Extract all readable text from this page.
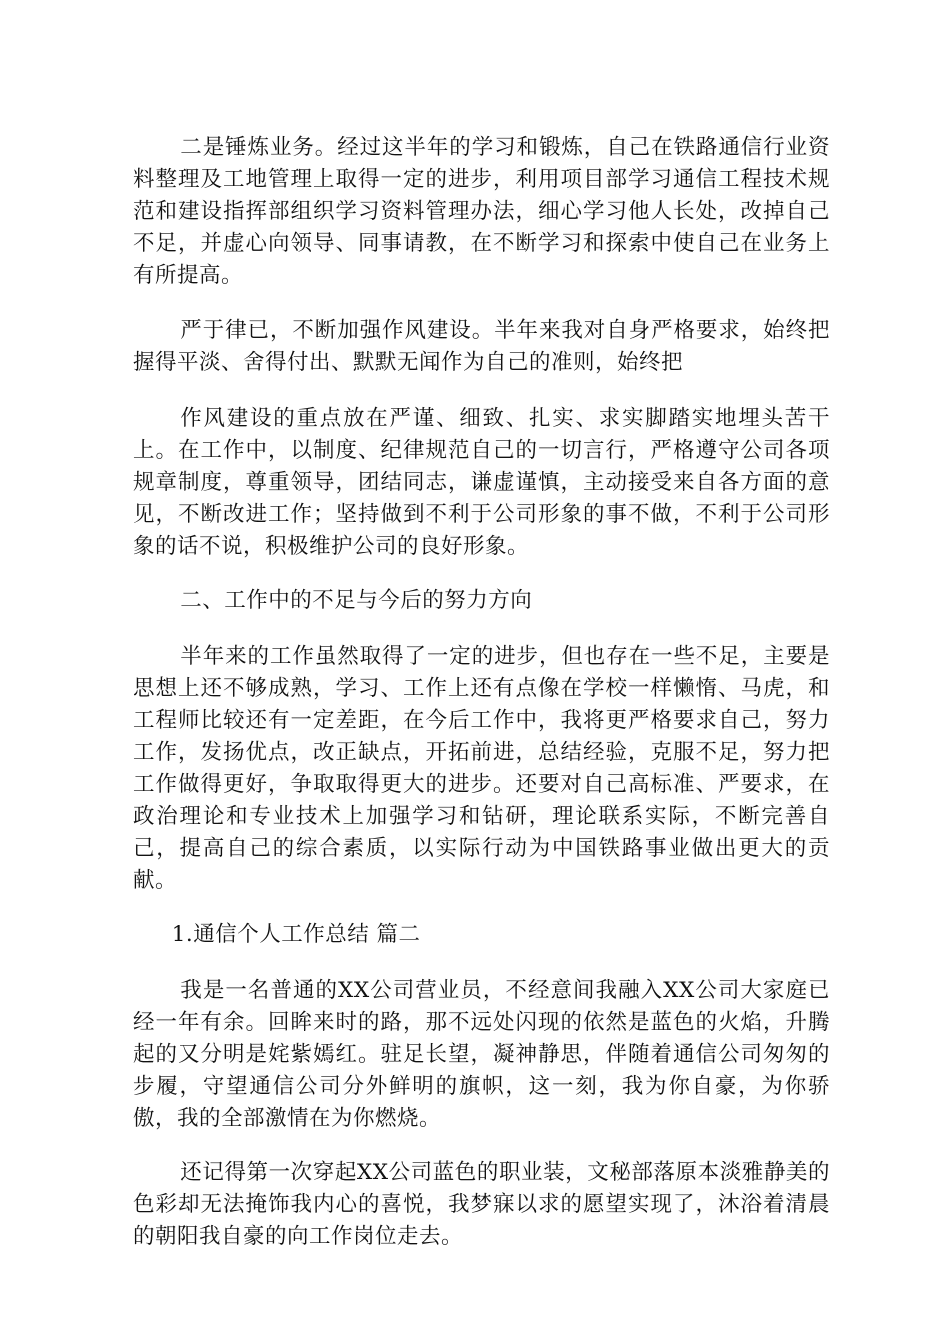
二是锤炼业务。经过这半年的学习和锻炼，自己在铁路通信行业资料整理及工地管理上取得一定的进步，利用项目部学习通信工程技术规范和建设指挥部组织学习资料管理办法，细心学习他人长处，改掉自己不足，并虚心向领导、同事请教，在不断学习和探索中使自己在业务上有所提高。

严于律已，不断加强作风建设。半年来我对自身严格要求，始终把握得平淡、舍得付出、默默无闻作为自己的准则，始终把

作风建设的重点放在严谨、细致、扎实、求实脚踏实地埋头苦干上。在工作中，以制度、纪律规范自己的一切言行，严格遵守公司各项规章制度，尊重领导，团结同志，谦虚谨慎，主动接受来自各方面的意见，不断改进工作；坚持做到不利于公司形象的事不做，不利于公司形象的话不说，积极维护公司的良好形象。

二、工作中的不足与今后的努力方向

半年来的工作虽然取得了一定的进步，但也存在一些不足，主要是思想上还不够成熟，学习、工作上还有点像在学校一样懒惰、马虎，和工程师比较还有一定差距，在今后工作中，我将更严格要求自己，努力工作，发扬优点，改正缺点，开拓前进，总结经验，克服不足，努力把工作做得更好，争取取得更大的进步。还要对自己高标准、严要求，在政治理论和专业技术上加强学习和钻研，理论联系实际，不断完善自己，提高自己的综合素质，以实际行动为中国铁路事业做出更大的贡献。

1.通信个人工作总结 篇二

我是一名普通的XX公司营业员，不经意间我融入XX公司大家庭已经一年有余。回眸来时的路，那不远处闪现的依然是蓝色的火焰，升腾起的又分明是姹紫嫣红。驻足长望，凝神静思，伴随着通信公司匆匆的步履，守望通信公司分外鲜明的旗帜，这一刻，我为你自豪，为你骄傲，我的全部激情在为你燃烧。

还记得第一次穿起XX公司蓝色的职业装，文秘部落原本淡雅静美的色彩却无法掩饰我内心的喜悦，我梦寐以求的愿望实现了，沐浴着清晨的朝阳我自豪的向工作岗位走去。
